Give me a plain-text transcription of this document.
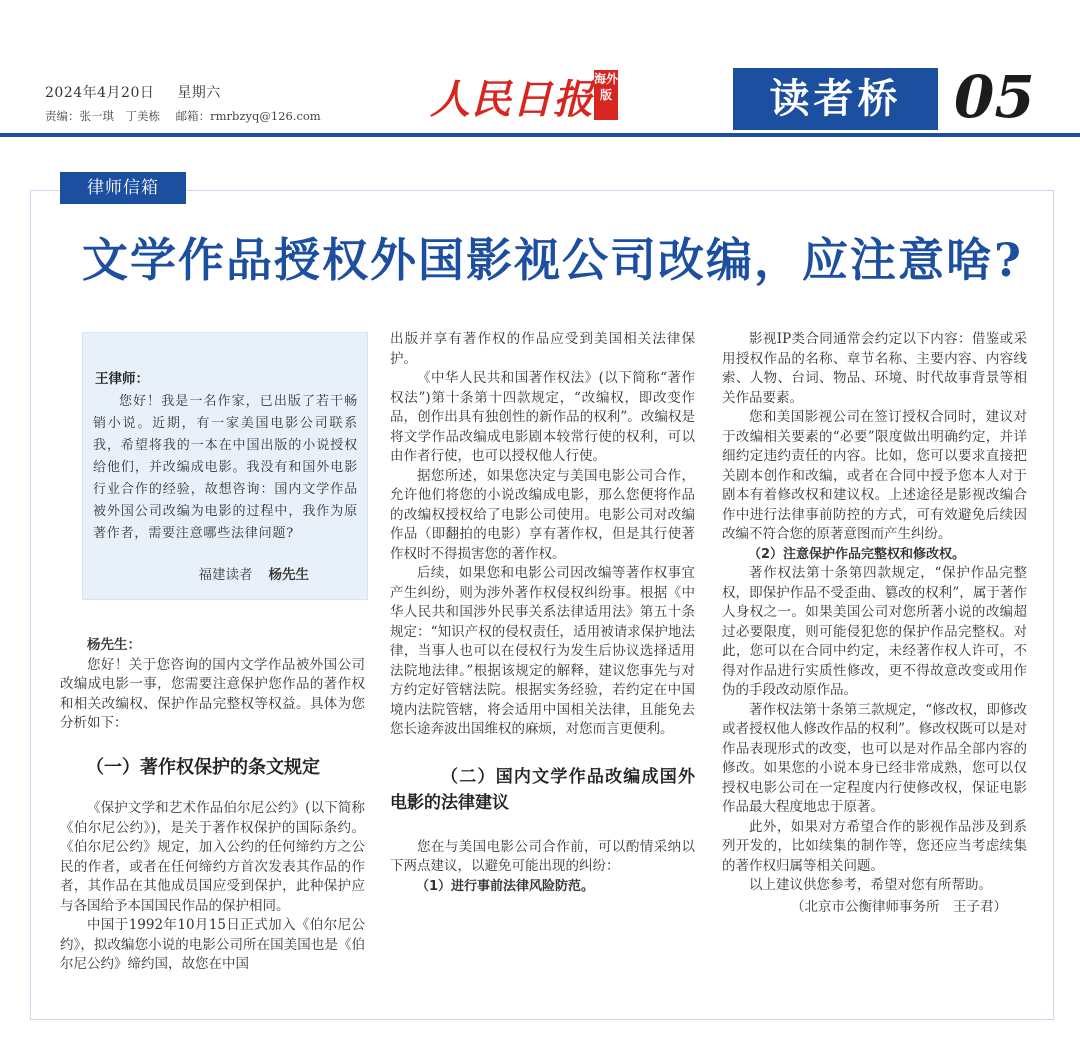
2024年4月20日 星期六
责编：张一琪　丁美栋 邮箱：rmrbzyq@126.com	人民日报 海外版	读者桥 05
律师信箱
文学作品授权外国影视公司改编，应注意啥?
王律师：
您好！我是一名作家，已出版了若干畅销小说。近期，有一家美国电影公司联系我，希望将我的一本在中国出版的小说授权给他们，并改编成电影。我没有和国外电影行业合作的经验，故想咨询：国内文学作品被外国公司改编为电影的过程中，我作为原著作者，需要注意哪些法律问题?
福建读者 杨先生

杨先生：

您好！关于您咨询的国内文学作品被外国公司改编成电影一事，您需要注意保护您作品的著作权和相关改编权、保护作品完整权等权益。具体为您分析如下：

（一）著作权保护的条文规定

《保护文学和艺术作品伯尔尼公约》(以下简称《伯尔尼公约》)，是关于著作权保护的国际条约。《伯尔尼公约》规定，加入公约的任何缔约方之公民的作者，或者在任何缔约方首次发表其作品的作者，其作品在其他成员国应受到保护，此种保护应与各国给予本国国民作品的保护相同。

中国于1992年10月15日正式加入《伯尔尼公约》，拟改编您小说的电影公司所在国美国也是《伯尔尼公约》缔约国，故您在中国

出版并享有著作权的作品应受到美国相关法律保护。

《中华人民共和国著作权法》(以下简称“著作权法”)第十条第十四款规定，“改编权，即改变作品，创作出具有独创性的新作品的权利”。改编权是将文学作品改编成电影剧本较常行使的权利，可以由作者行使，也可以授权他人行使。

据您所述，如果您决定与美国电影公司合作，允许他们将您的小说改编成电影，那么您便将作品的改编权授权给了电影公司使用。电影公司对改编作品（即翻拍的电影）享有著作权，但是其行使著作权时不得损害您的著作权。

后续，如果您和电影公司因改编等著作权事宜产生纠纷，则为涉外著作权侵权纠纷事。根据《中华人民共和国涉外民事关系法律适用法》第五十条规定：“知识产权的侵权责任，适用被请求保护地法律，当事人也可以在侵权行为发生后协议选择适用法院地法律。”根据该规定的解释，建议您事先与对方约定好管辖法院。根据实务经验，若约定在中国境内法院管辖，将会适用中国相关法律，且能免去您长途奔波出国维权的麻烦，对您而言更便利。

（二）国内文学作品改编成国外电影的法律建议

您在与美国电影公司合作前，可以酌情采纳以下两点建议，以避免可能出现的纠纷：

（1）进行事前法律风险防范。

影视IP类合同通常会约定以下内容：借鉴或采用授权作品的名称、章节名称、主要内容、内容线索、人物、台词、物品、环境、时代故事背景等相关作品要素。

您和美国影视公司在签订授权合同时，建议对于改编相关要素的“必要”限度做出明确约定，并详细约定违约责任的内容。比如，您可以要求直接把关剧本创作和改编，或者在合同中授予您本人对于剧本有着修改权和建议权。上述途径是影视改编合作中进行法律事前防控的方式，可有效避免后续因改编不符合您的原著意图而产生纠纷。

（2）注意保护作品完整权和修改权。

著作权法第十条第四款规定，“保护作品完整权，即保护作品不受歪曲、篡改的权利”，属于著作人身权之一。如果美国公司对您所著小说的改编超过必要限度，则可能侵犯您的保护作品完整权。对此，您可以在合同中约定，未经著作权人许可，不得对作品进行实质性修改，更不得故意改变或用作伪的手段改动原作品。

著作权法第十条第三款规定，“修改权，即修改或者授权他人修改作品的权利”。修改权既可以是对作品表现形式的改变，也可以是对作品全部内容的修改。如果您的小说本身已经非常成熟，您可以仅授权电影公司在一定程度内行使修改权，保证电影作品最大程度地忠于原著。

此外，如果对方希望合作的影视作品涉及到系列开发的，比如续集的制作等，您还应当考虑续集的著作权归属等相关问题。

以上建议供您参考，希望对您有所帮助。

（北京市公衡律师事务所　王子君）
